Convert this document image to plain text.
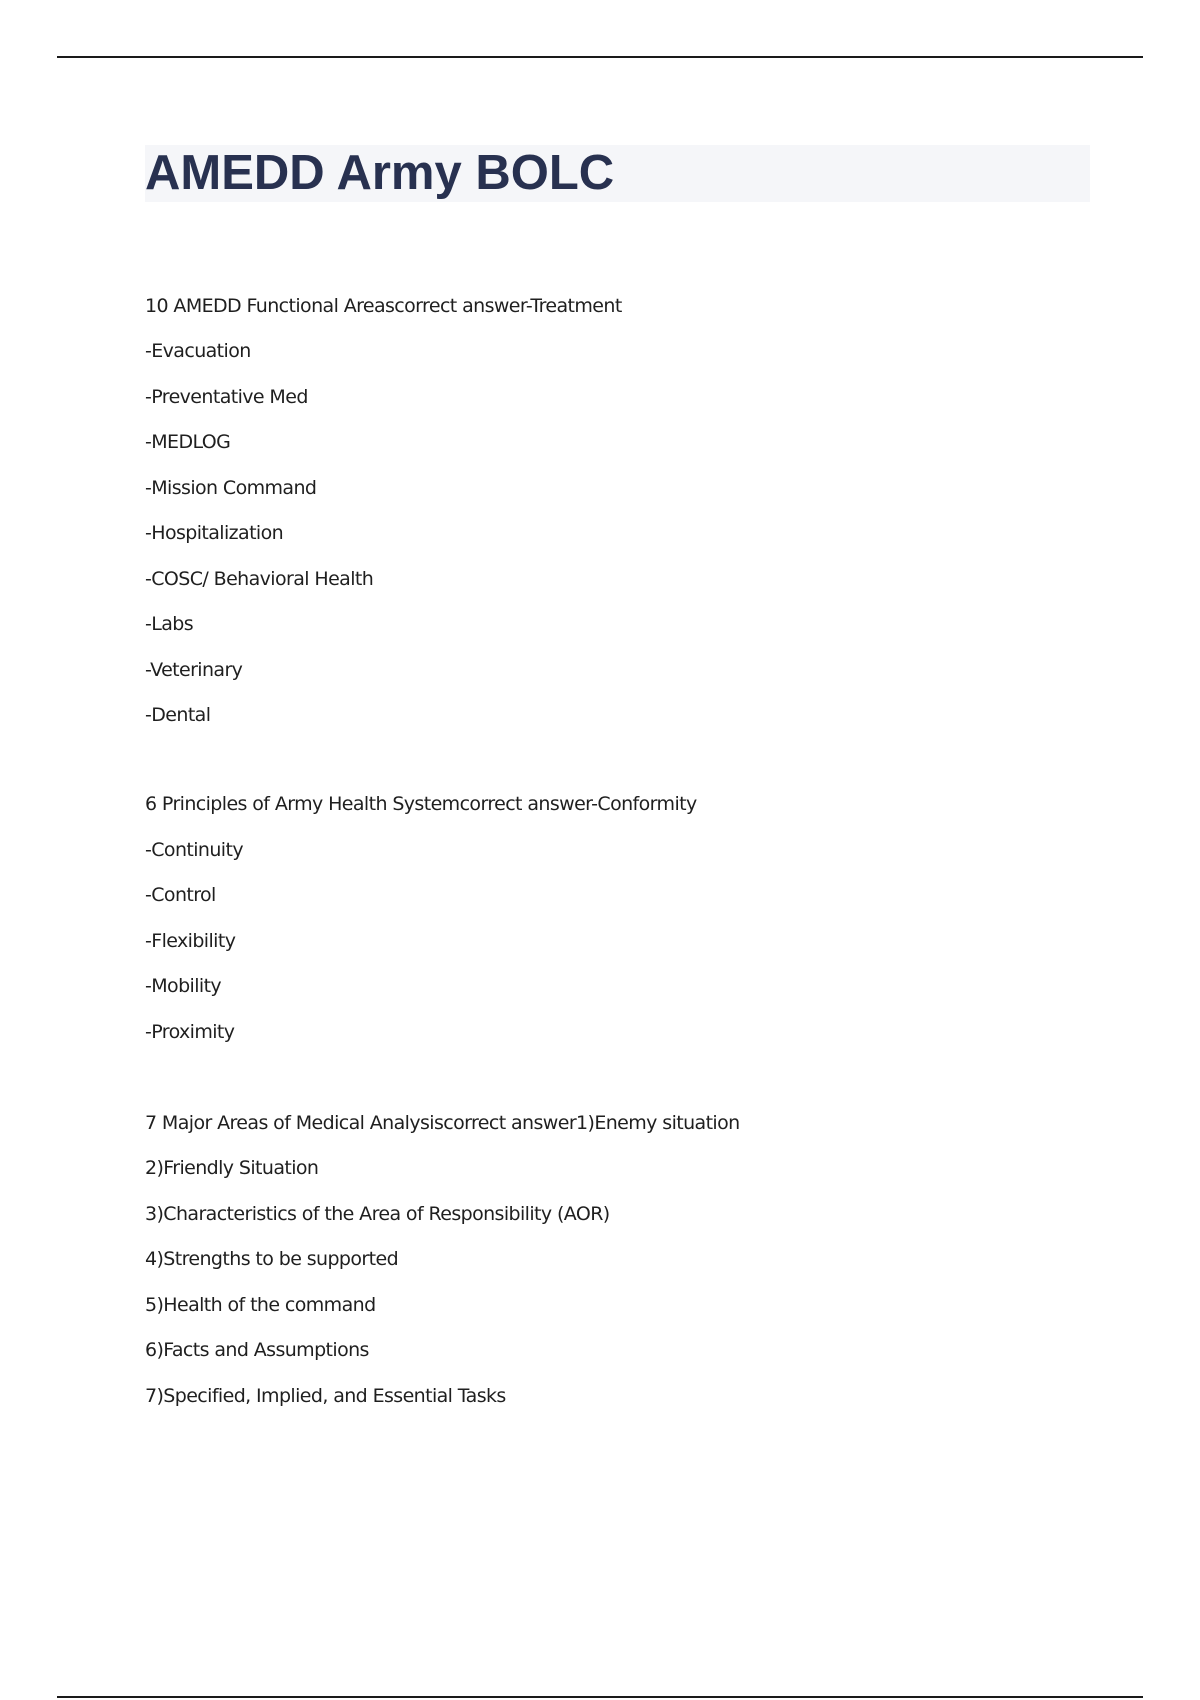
AMEDD Army BOLC

10 AMEDD Functional Areascorrect answer-Treatment

-Evacuation

-Preventative Med

-MEDLOG

-Mission Command

-Hospitalization

-COSC/ Behavioral Health

-Labs

-Veterinary

-Dental

6 Principles of Army Health Systemcorrect answer-Conformity

-Continuity

-Control

-Flexibility

-Mobility

-Proximity

7 Major Areas of Medical Analysiscorrect answer1)Enemy situation

2)Friendly Situation

3)Characteristics of the Area of Responsibility (AOR)

4)Strengths to be supported

5)Health of the command

6)Facts and Assumptions

7)Specified, Implied, and Essential Tasks
